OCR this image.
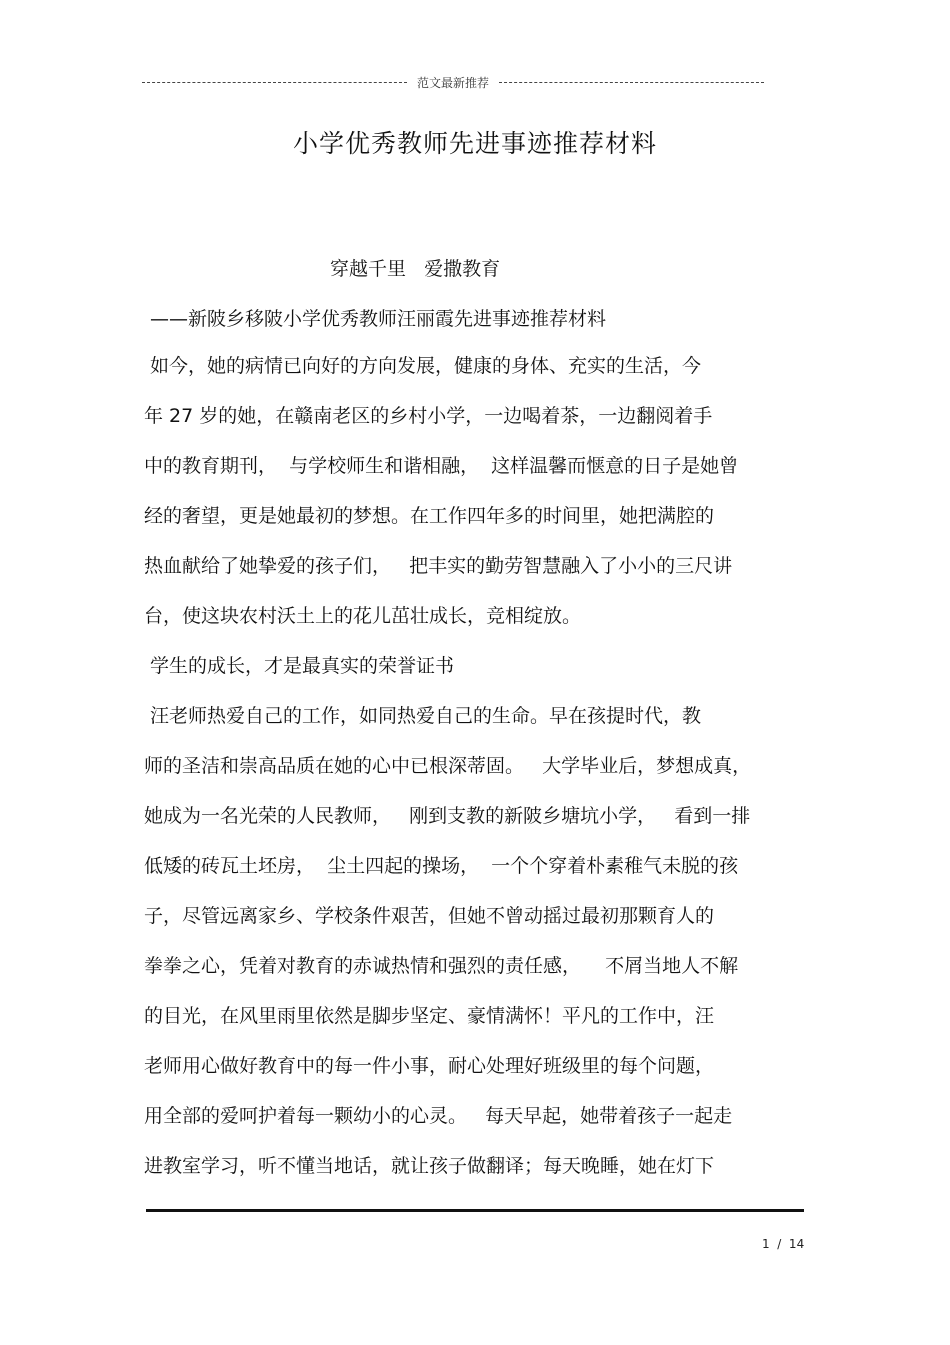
范文最新推荐
小学优秀教师先进事迹推荐材料
穿越千里   爱撒教育
——新陂乡移陂小学优秀教师汪丽霞先进事迹推荐材料
如今，她的病情已向好的方向发展，健康的身体、充实的生活，今
年 27 岁的她，在赣南老区的乡村小学，一边喝着茶，一边翻阅着手
中的教育期刊，  与学校师生和谐相融，  这样温馨而惬意的日子是她曾
经的奢望，更是她最初的梦想。在工作四年多的时间里，她把满腔的
热血献给了她挚爱的孩子们，   把丰实的勤劳智慧融入了小小的三尺讲
台，使这块农村沃土上的花儿茁壮成长，竞相绽放。
学生的成长，才是最真实的荣誉证书
汪老师热爱自己的工作，如同热爱自己的生命。早在孩提时代，教
师的圣洁和崇高品质在她的心中已根深蒂固。   大学毕业后，梦想成真，
她成为一名光荣的人民教师，   刚到支教的新陂乡塘坑小学，   看到一排
低矮的砖瓦土坯房，  尘土四起的操场，  一个个穿着朴素稚气未脱的孩
子，尽管远离家乡、学校条件艰苦，但她不曾动摇过最初那颗育人的
拳拳之心，凭着对教育的赤诚热情和强烈的责任感，    不屑当地人不解
的目光，在风里雨里依然是脚步坚定、豪情满怀！平凡的工作中，汪
老师用心做好教育中的每一件小事，耐心处理好班级里的每个问题，
用全部的爱呵护着每一颗幼小的心灵。   每天早起，她带着孩子一起走
进教室学习，听不懂当地话，就让孩子做翻译；每天晚睡，她在灯下
1  /  14
